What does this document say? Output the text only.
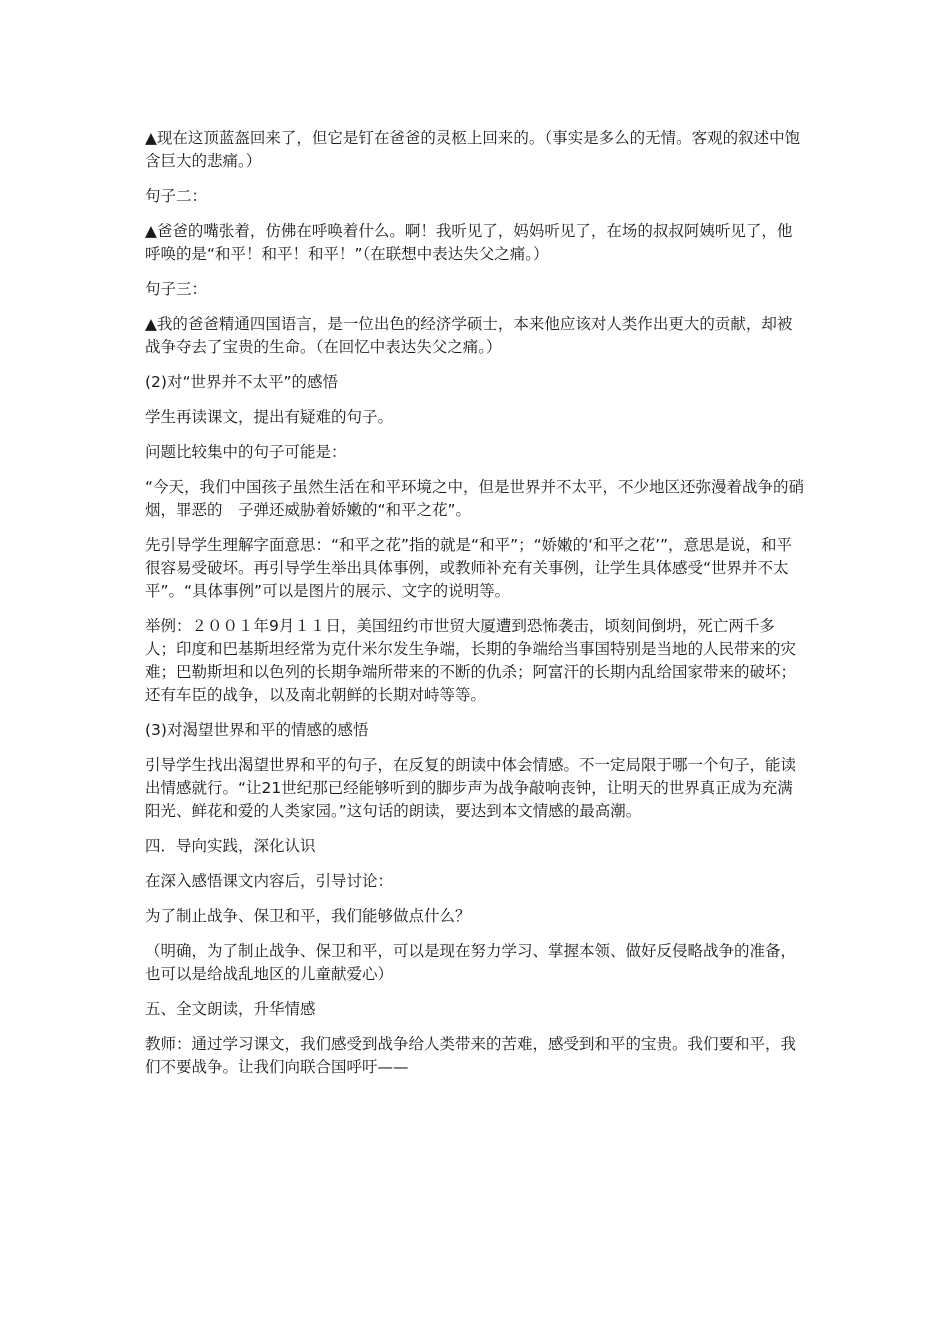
▲现在这顶蓝盔回来了，但它是钉在爸爸的灵柩上回来的。（事实是多么的无情。客观的叙述中饱含巨大的悲痛。）

句子二：

▲爸爸的嘴张着，仿佛在呼唤着什么。啊！我听见了，妈妈听见了，在场的叔叔阿姨听见了，他呼唤的是“和平！和平！和平！”（在联想中表达失父之痛。）

句子三：

▲我的爸爸精通四国语言，是一位出色的经济学硕士，本来他应该对人类作出更大的贡献，却被战争夺去了宝贵的生命。（在回忆中表达失父之痛。）

(2)对“世界并不太平”的感悟

学生再读课文，提出有疑难的句子。

问题比较集中的句子可能是：

“今天，我们中国孩子虽然生活在和平环境之中，但是世界并不太平，不少地区还弥漫着战争的硝烟，罪恶的　子弹还威胁着娇嫩的“和平之花”。

先引导学生理解字面意思：“和平之花”指的就是“和平”；“娇嫩的‘和平之花’”，意思是说，和平很容易受破坏。再引导学生举出具体事例，或教师补充有关事例，让学生具体感受“世界并不太平”。“具体事例”可以是图片的展示、文字的说明等。

举例：２００１年9月１１日，美国纽约市世贸大厦遭到恐怖袭击，顷刻间倒坍，死亡两千多人；印度和巴基斯坦经常为克什米尔发生争端，长期的争端给当事国特别是当地的人民带来的灾难；巴勒斯坦和以色列的长期争端所带来的不断的仇杀；阿富汗的长期内乱给国家带来的破坏；还有车臣的战争，以及南北朝鲜的长期对峙等等。

(3)对渴望世界和平的情感的感悟

引导学生找出渴望世界和平的句子，在反复的朗读中体会情感。不一定局限于哪一个句子，能读出情感就行。“让21世纪那已经能够听到的脚步声为战争敲响丧钟，让明天的世界真正成为充满阳光、鲜花和爱的人类家园。”这句话的朗读，要达到本文情感的最高潮。

四．导向实践，深化认识

在深入感悟课文内容后，引导讨论：

为了制止战争、保卫和平，我们能够做点什么？

（明确，为了制止战争、保卫和平，可以是现在努力学习、掌握本领、做好反侵略战争的准备，也可以是给战乱地区的儿童献爱心）

五、全文朗读，升华情感

教师：通过学习课文，我们感受到战争给人类带来的苦难，感受到和平的宝贵。我们要和平，我们不要战争。让我们向联合国呼吁——
